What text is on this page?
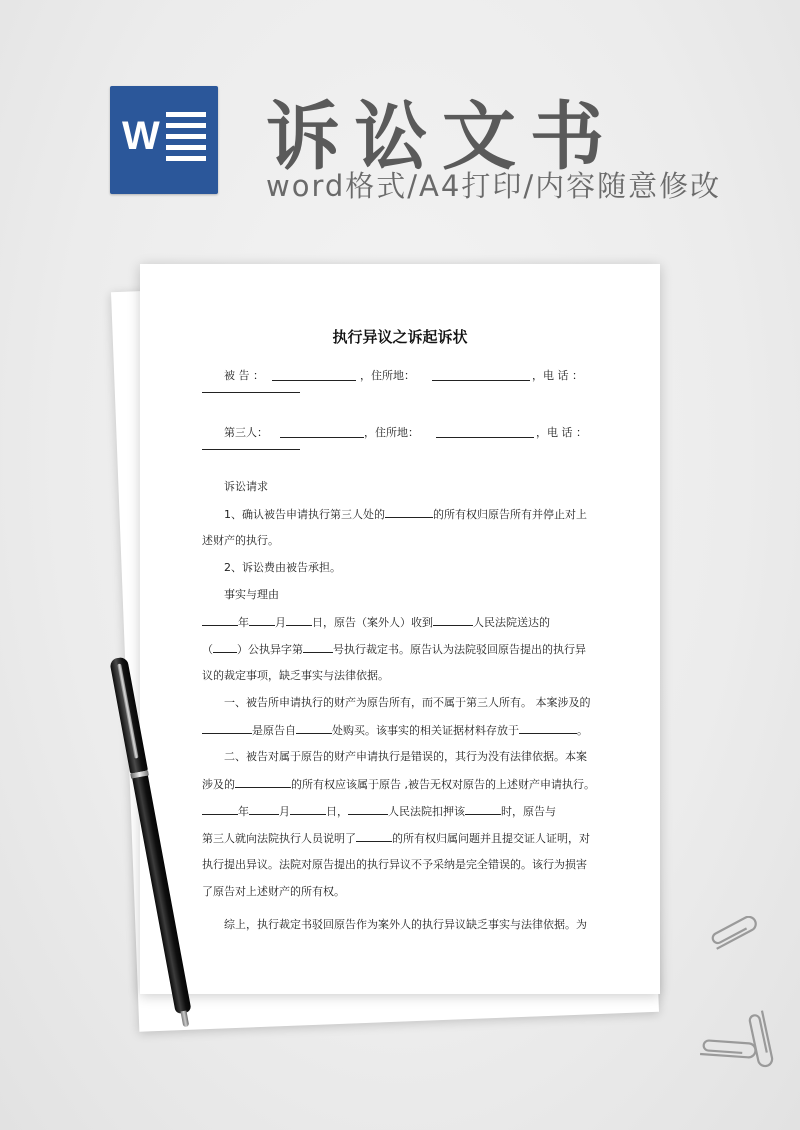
W 诉讼文书
word格式/A4打印/内容随意修改
执行异议之诉起诉状
被 告 ：	，住所地：	，电 话 ：
第三人：	，住所地：	，电 话 ：
诉讼请求
1、确认被告申请执行第三人处的	的所有权归原告所有并停止对上
述财产的执行。
2、诉讼费由被告承担。
事实与理由
年 月 日，原告（案外人）收到	人民法院送达的
（ ）公执异字第	号执行裁定书。原告认为法院驳回原告提出的执行异
议的裁定事项，缺乏事实与法律依据。
一、被告所申请执行的财产为原告所有，而不属于第三人所有。 本案涉及的
是原告自	处购买。该事实的相关证据材料存放于	。
二、被告对属于原告的财产申请执行是错误的，其行为没有法律依据。本案
涉及的	的所有权应该属于原告 ,被告无权对原告的上述财产申请执行。
年	月	日，	人民法院扣押该	时，原告与
第三人就向法院执行人员说明了	的所有权归属问题并且提交证人证明，对
执行提出异议。法院对原告提出的执行异议不予采纳是完全错误的。该行为损害
了原告对上述财产的所有权。
综上，执行裁定书驳回原告作为案外人的执行异议缺乏事实与法律依据。为
